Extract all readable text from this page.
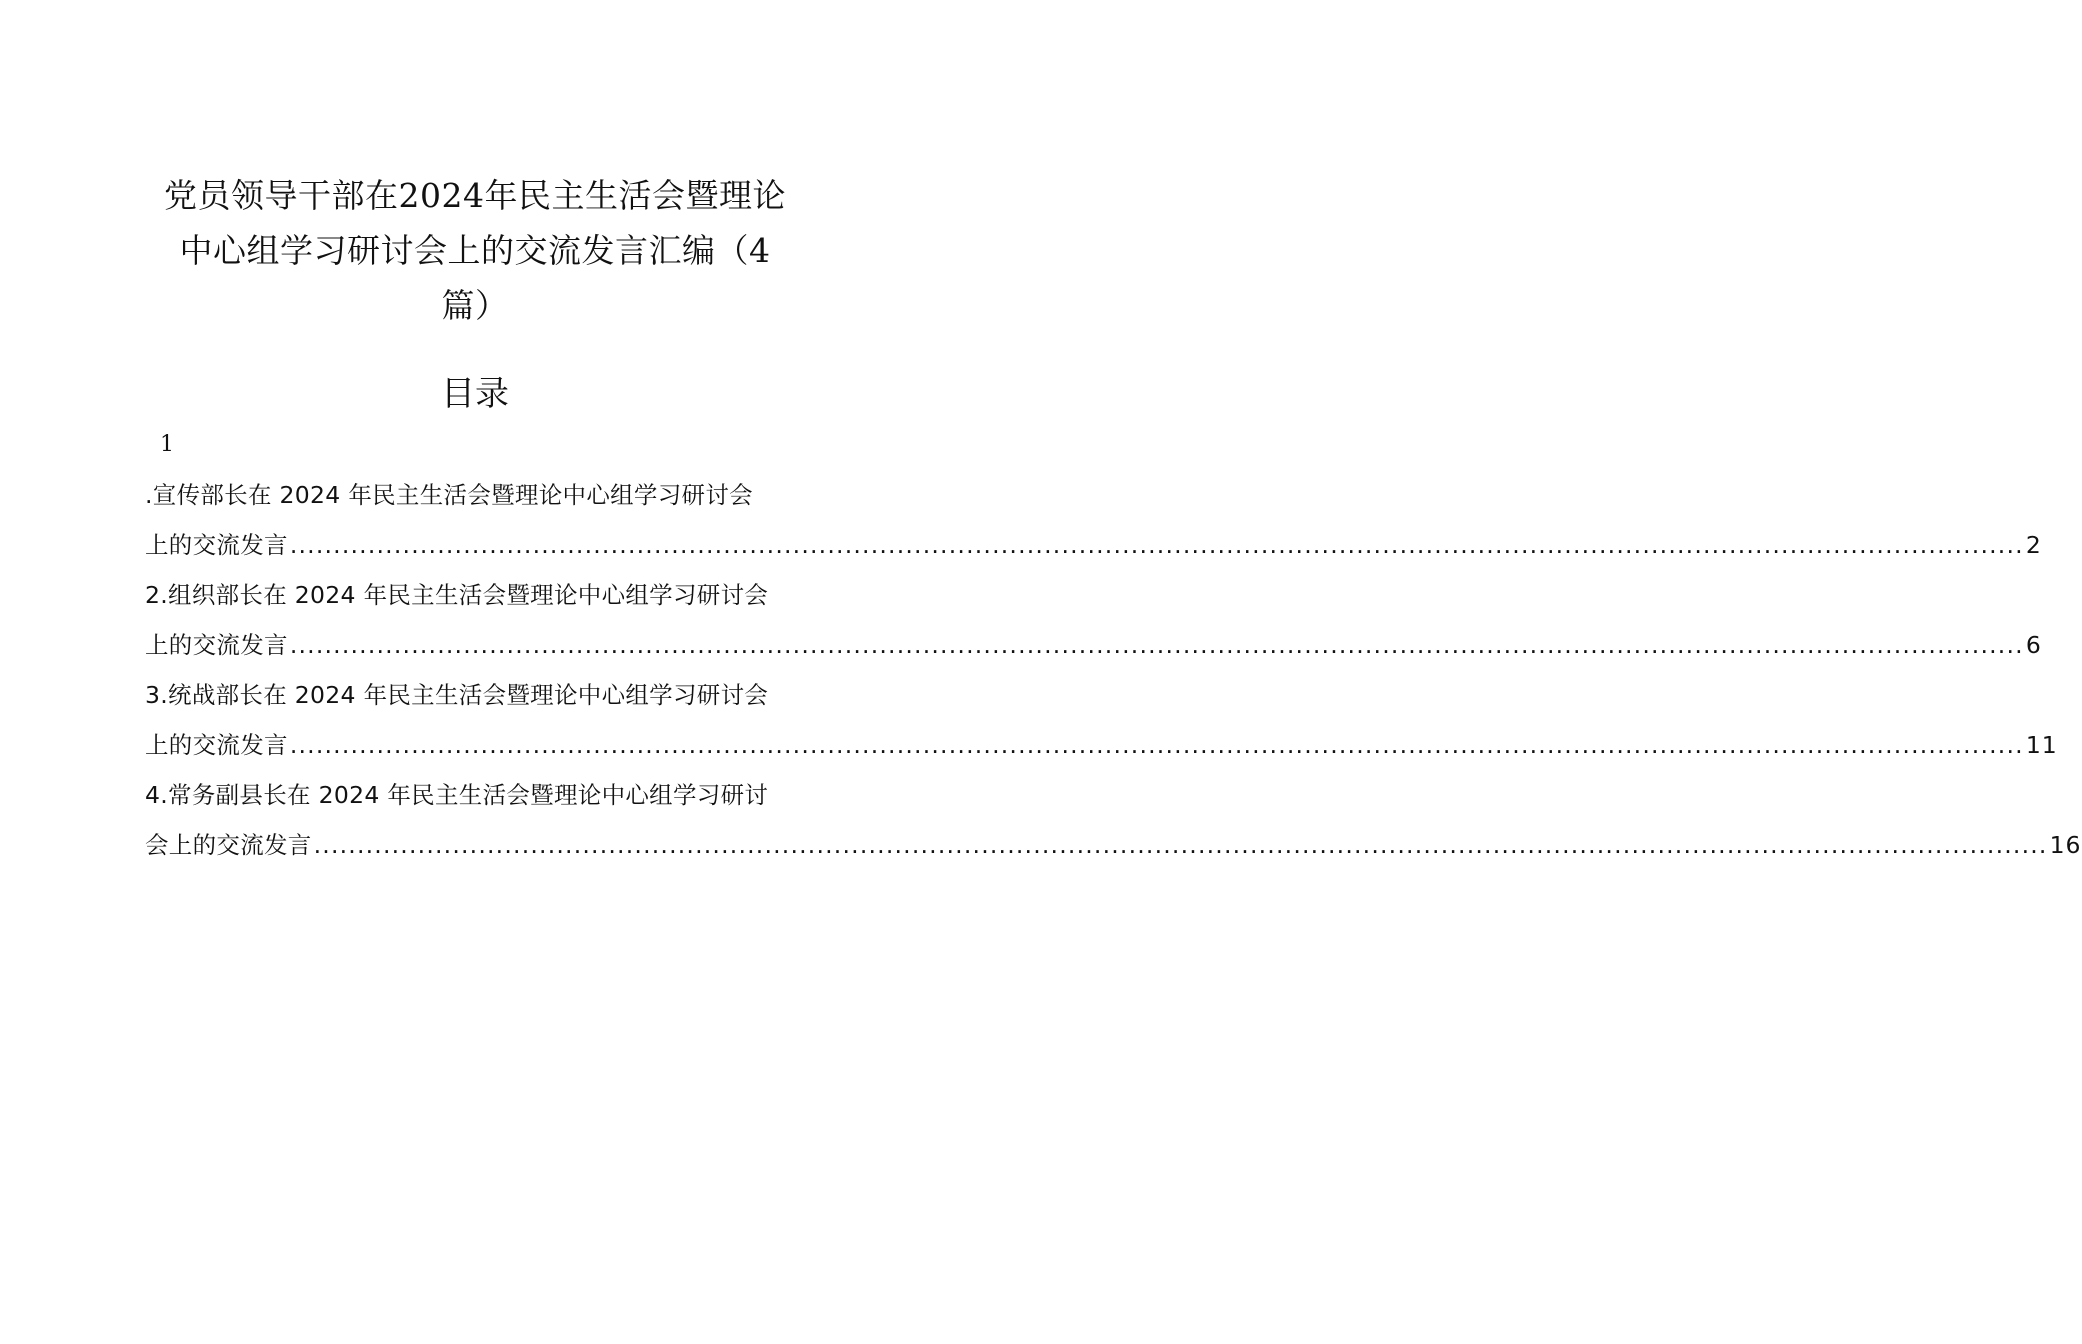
党员领导干部在2024年民主生活会暨理论
中心组学习研讨会上的交流发言汇编（4
篇）
目录
1
.宣传部长在 2024 年民主生活会暨理论中心组学习研讨会
上的交流发言 ........................................................................................................................................................................................................ 2
2.组织部长在 2024 年民主生活会暨理论中心组学习研讨会
上的交流发言 ........................................................................................................................................................................................................ 6
3.统战部长在 2024 年民主生活会暨理论中心组学习研讨会
上的交流发言 ........................................................................................................................................................................................................ 11
4.常务副县长在 2024 年民主生活会暨理论中心组学习研讨
会上的交流发言 ........................................................................................................................................................................................................ 16
